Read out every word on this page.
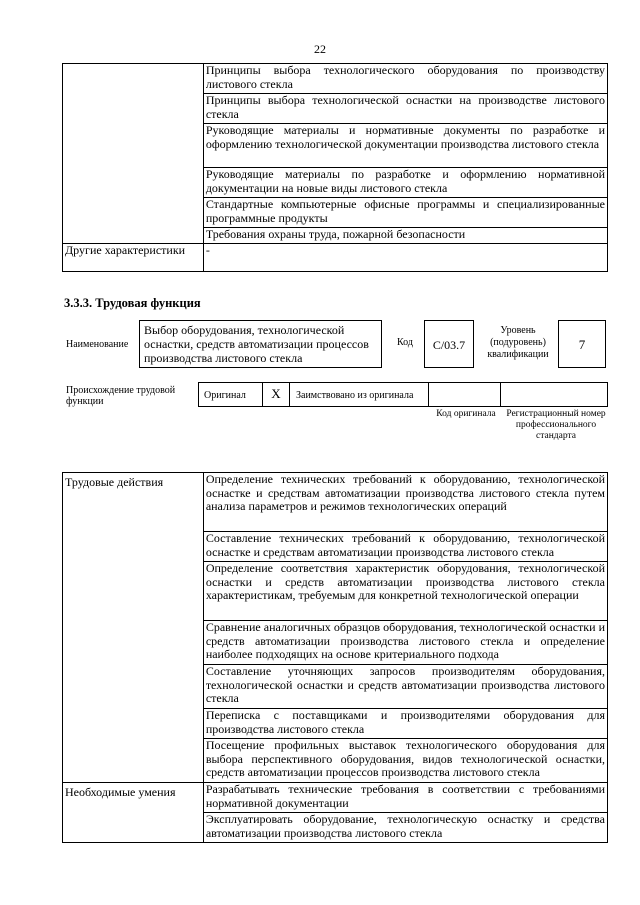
22
	Принципы выбора технологического оборудования по производству листового стекла
	Принципы выбора технологической оснастки на производстве листового стекла
	Руководящие материалы и нормативные документы по разработке и оформлению технологической документации производства листового стекла
	Руководящие материалы по разработке и оформлению нормативной документации на новые виды листового стекла
	Стандартные компьютерные офисные программы и специализированные программные продукты
	Требования охраны труда, пожарной безопасности
Другие характеристики	-
3.3.3. Трудовая функция
Наименование
Выбор оборудования, технологической оснастки, средств автоматизации процессов производства листового стекла
Код	С/03.7
Уровень (подуровень) квалификации
7
Происхождение трудовой функции
Оригинал	X	Заимствовано из оригинала
Код оригинала Регистрационный номер профессионального стандарта
Трудовые действия	Определение технических требований к оборудованию, технологической оснастке и средствам автоматизации производства листового стекла путем анализа параметров и режимов технологических операций
	Составление технических требований к оборудованию, технологической оснастке и средствам автоматизации производства листового стекла
	Определение соответствия характеристик оборудования, технологической оснастки и средств автоматизации производства листового стекла характеристикам, требуемым для конкретной технологической операции
	Сравнение аналогичных образцов оборудования, технологической оснастки и средств автоматизации производства листового стекла и определение наиболее подходящих на основе критериального подхода
	Составление уточняющих запросов производителям оборудования, технологической оснастки и средств автоматизации производства листового стекла
	Переписка с поставщиками и производителями оборудования для производства листового стекла
	Посещение профильных выставок технологического оборудования для выбора перспективного оборудования, видов технологической оснастки, средств автоматизации процессов производства листового стекла
Необходимые умения	Разрабатывать технические требования в соответствии с требованиями нормативной документации
	Эксплуатировать оборудование, технологическую оснастку и средства автоматизации производства листового стекла
